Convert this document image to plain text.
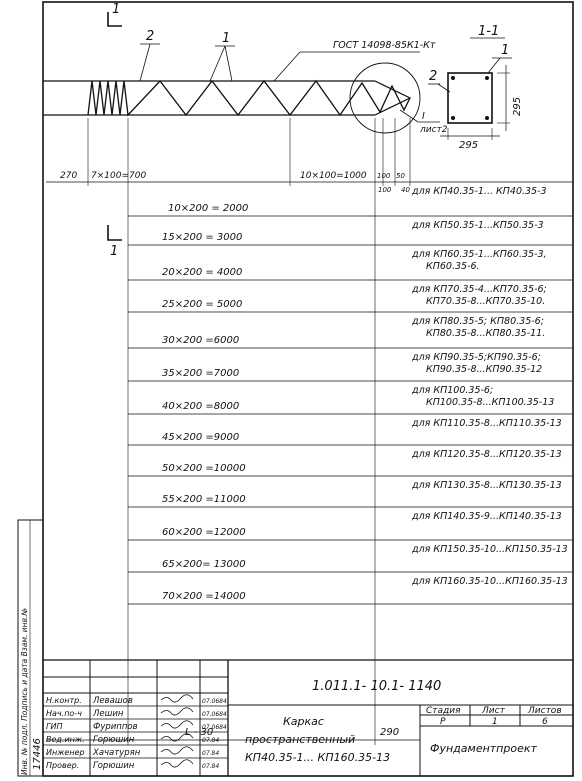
1
1
2	1	ГОСТ 14098-85К1-Кт
I
лист2
1-1
1
2
295
295
270 7×100=700	10×100=1000 100 50
100 40
10×200 = 2000
для КП40.35-1... КП40.35-3
15×200 = 3000
для КП50.35-1...КП50.35-3
20×200 = 4000
для КП60.35-1...КП60.35-3,
КП60.35-6.
25×200 = 5000
для КП70.35-4...КП70.35-6;
КП70.35-8...КП70.35-10.
30×200 =6000
для КП80.35-5; КП80.35-6;
КП80.35-8...КП80.35-11.
35×200 =7000
для КП90.35-5;КП90.35-6;
КП90.35-8...КП90.35-12
40×200 =8000
для КП100.35-6;
КП100.35-8...КП100.35-13
45×200 =9000
для КП110.35-8...КП110.35-13
50×200 =10000
для КП120.35-8...КП120.35-13
55×200 =11000
для КП130.35-8...КП130.35-13
60×200 =12000
для КП140.35-9...КП140.35-13
65×200= 13000
для КП150.35-10...КП150.35-13
70×200 =14000
для КП160.35-10...КП160.35-13
L - 30	290
Инв. № подл. Подпись и дата Взам. инв.№ 17446
Н.контр. Левашов	07.0684
Нач.по-ч Лешин	07.0684
ГИП	Фуриппов	07.0684
Вед.инж. Горюшин	07.84
Инженер Хачатурян	07.84
Провер. Горюшин	07.84
1.011.1- 10.1- 1140
Каркас
пространственный
КП40.35-1... КП160.35-13
Стадия Лист	Листов
Р	1	6
Фундаментпроект
